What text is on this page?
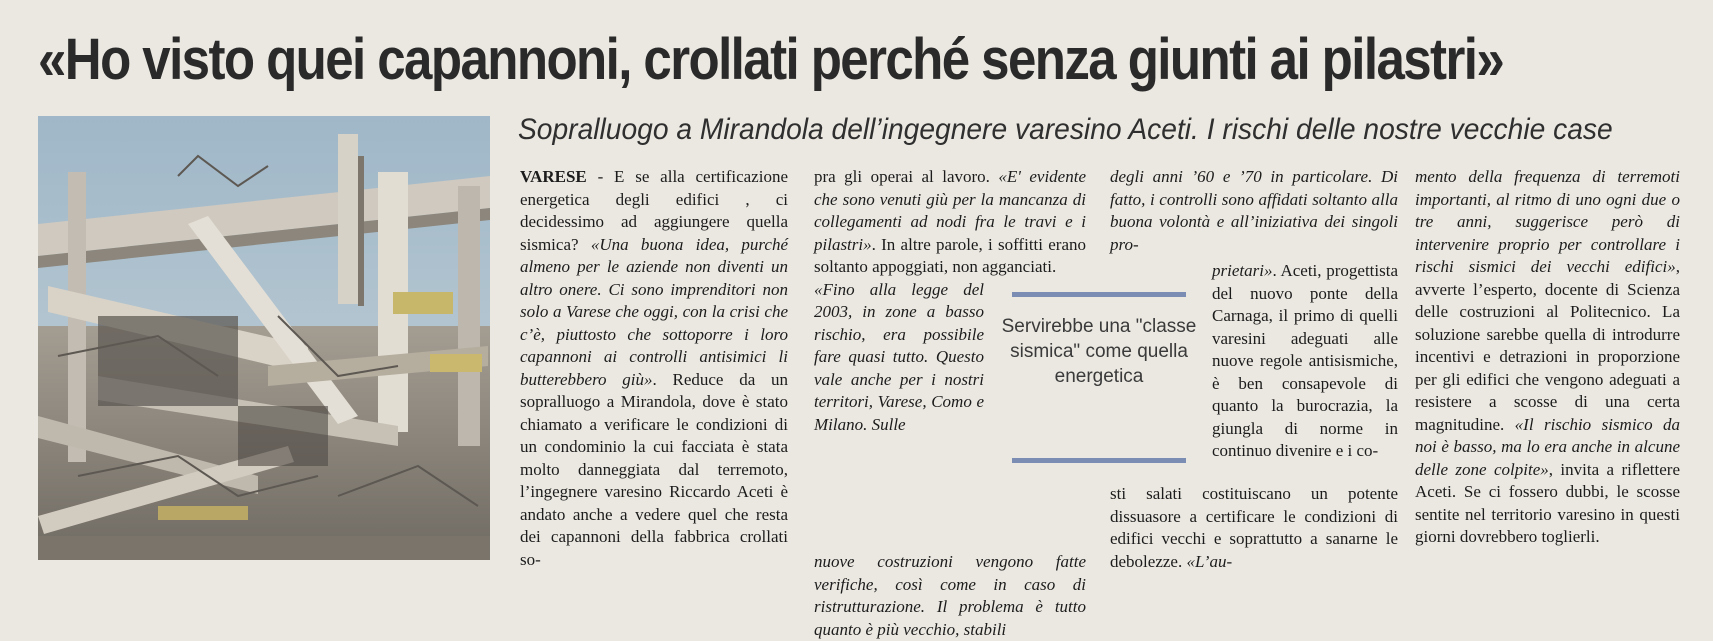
«Ho visto quei capannoni, crollati perché senza giunti ai pilastri»
Sopralluogo a Mirandola dell’ingegnere varesino Aceti. I rischi delle nostre vecchie case

VARESE - E se alla certificazione energetica degli edifici , ci decidessimo ad aggiungere quella sismica? «Una buona idea, purché almeno per le aziende non diventi un altro onere. Ci sono imprenditori non solo a Varese che oggi, con la crisi che c’è, piuttosto che sottoporre i loro capannoni ai controlli antisimici li butterebbero giù». Reduce da un sopralluogo a Mirandola, dove è stato chiamato a verificare le condizioni di un condominio la cui facciata è stata molto danneggiata dal terremoto, l’ingegnere varesino Riccardo Aceti è andato anche a vedere quel che resta dei capannoni della fabbrica crollati so-

pra gli operai al lavoro. «E' evidente che sono venuti giù per la mancanza di collegamenti ad nodi fra le travi e i pilastri». In altre parole, i soffitti erano soltanto appoggiati, non agganciati.

«Fino alla legge del 2003, in zone a basso rischio, era possibile fare quasi tutto. Questo vale anche per i nostri territori, Varese, Como e Milano. Sulle

nuove costruzioni vengono fatte verifiche, così come in caso di ristrutturazione. Il problema è tutto quanto è più vecchio, stabili

degli anni ’60 e ’70 in particolare. Di fatto, i controlli sono affidati soltanto alla buona volontà e all’iniziativa dei singoli pro-

prietari». Aceti, progettista del nuovo ponte della Carnaga, il primo di quelli varesini adeguati alle nuove regole antisismiche, è ben consapevole di quanto la burocrazia, la giungla di norme in continuo divenire e i co-
sti salati costituiscano un potente dissuasore a certificare le condizioni di edifici vecchi e soprattutto a sanarne le debolezze. «L’au-

mento della frequenza di terremoti importanti, al ritmo di uno ogni due o tre anni, suggerisce però di intervenire proprio per controllare i rischi sismici dei vecchi edifici», avverte l’esperto, docente di Scienza delle costruzioni al Politecnico. La soluzione sarebbe quella di introdurre incentivi e detrazioni in proporzione per gli edifici che vengono adeguati a resistere a scosse di una certa magnitudine. «Il rischio sismico da noi è basso, ma lo era anche in alcune delle zone colpite», invita a riflettere Aceti. Se ci fossero dubbi, le scosse sentite nel territorio varesino in questi giorni dovrebbero toglierli.

Servirebbe una "classe sismica" come quella energetica
